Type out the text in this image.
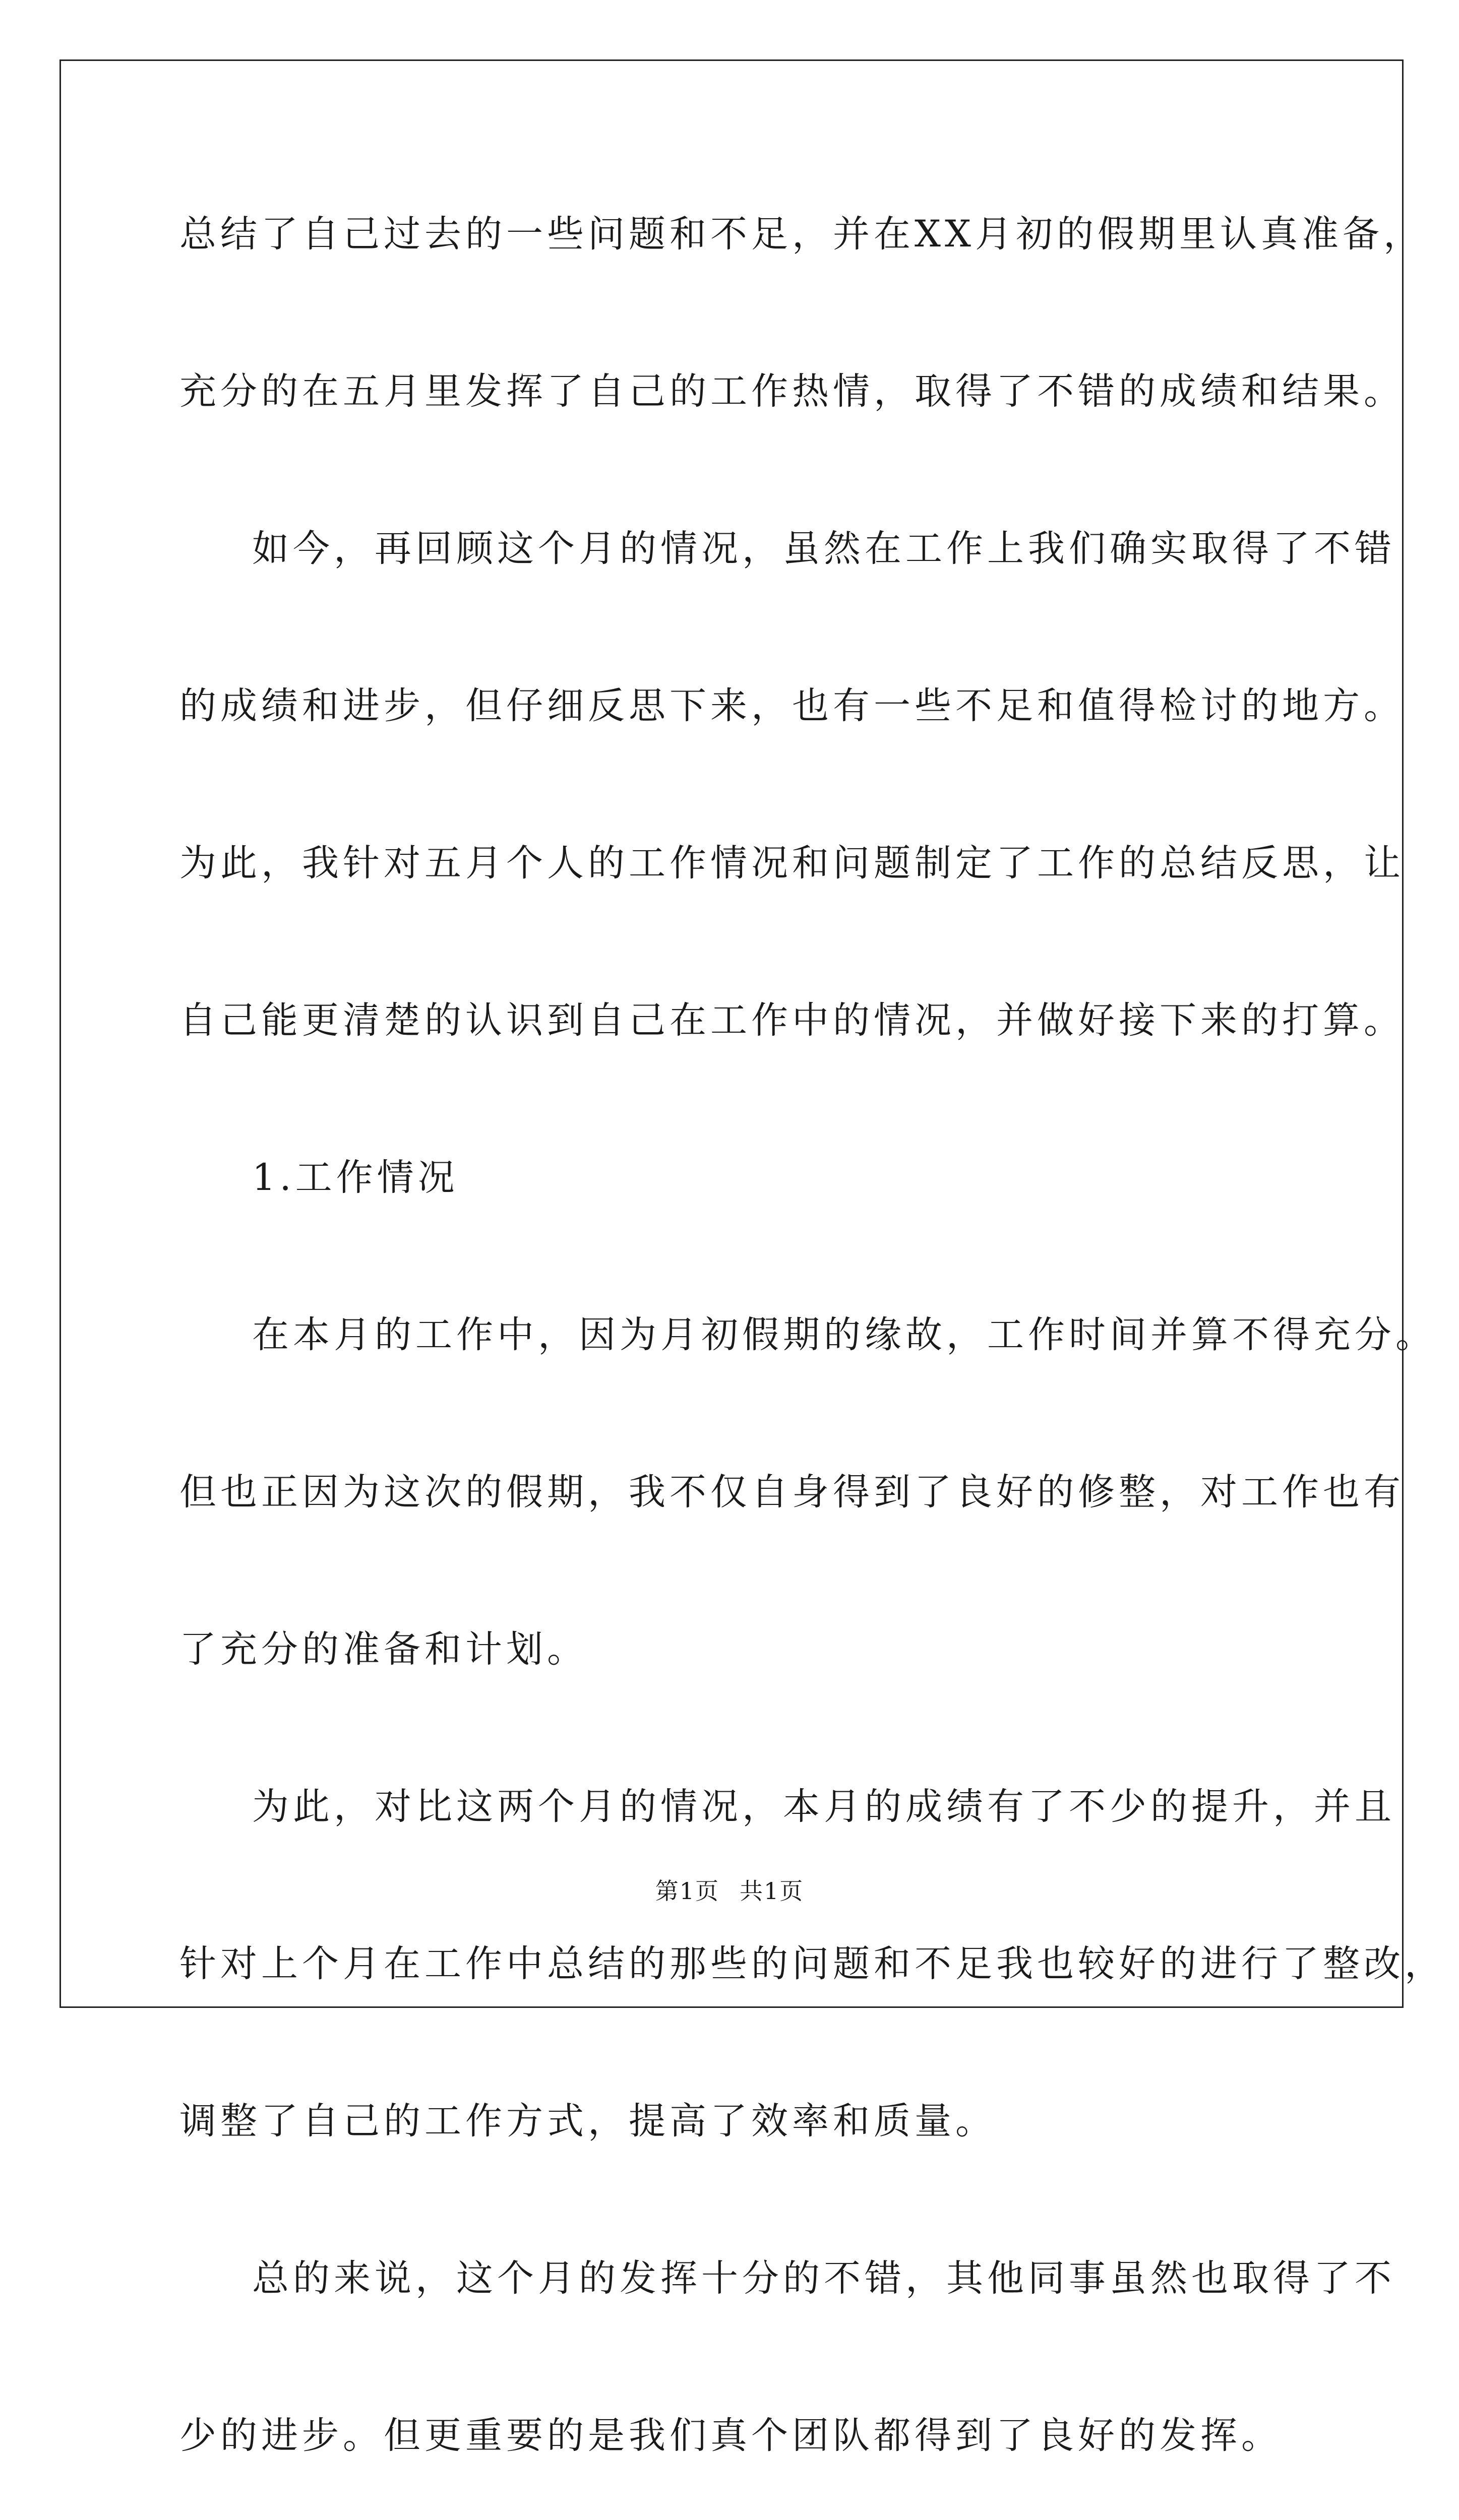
总结了自己过去的一些问题和不足，并在XX月初的假期里认真准备，
充分的在五月里发挥了自己的工作热情，取得了不错的成绩和结果。
如今，再回顾这个月的情况，虽然在工作上我们确实取得了不错
的成绩和进步，但仔细反思下来，也有一些不足和值得检讨的地方。
为此，我针对五月个人的工作情况和问题制定了工作的总结反思，让
自己能更清楚的认识到自己在工作中的情况，并做好接下来的打算。
1.工作情况
在本月的工作中，因为月初假期的缘故，工作时间并算不得充分。
但也正因为这次的假期，我不仅自身得到了良好的修整，对工作也有
了充分的准备和计划。
为此，对比这两个月的情况，本月的成绩有了不少的提升，并且
针对上个月在工作中总结的那些的问题和不足我也较好的进行了整改，
调整了自己的工作方式，提高了效率和质量。
总的来说，这个月的发挥十分的不错，其他同事虽然也取得了不
少的进步。但更重要的是我们真个团队都得到了良好的发挥。
第1页 共1页
